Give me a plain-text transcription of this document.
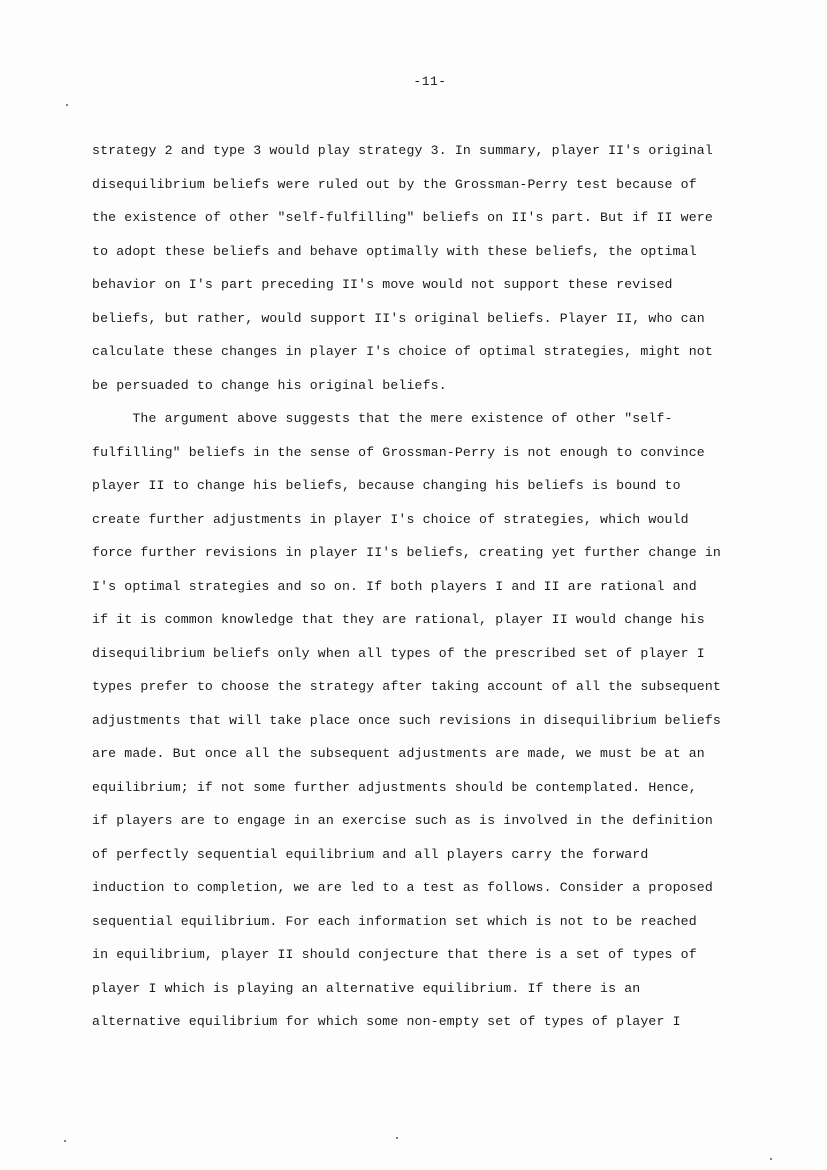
-11-
strategy 2 and type 3 would play strategy 3. In summary, player II's original
disequilibrium beliefs were ruled out by the Grossman-Perry test because of
the existence of other "self-fulfilling" beliefs on II's part. But if II were
to adopt these beliefs and behave optimally with these beliefs, the optimal
behavior on I's part preceding II's move would not support these revised
beliefs, but rather, would support II's original beliefs. Player II, who can
calculate these changes in player I's choice of optimal strategies, might not
be persuaded to change his original beliefs.
The argument above suggests that the mere existence of other "self-
fulfilling" beliefs in the sense of Grossman-Perry is not enough to convince
player II to change his beliefs, because changing his beliefs is bound to
create further adjustments in player I's choice of strategies, which would
force further revisions in player II's beliefs, creating yet further change in
I's optimal strategies and so on. If both players I and II are rational and
if it is common knowledge that they are rational, player II would change his
disequilibrium beliefs only when all types of the prescribed set of player I
types prefer to choose the strategy after taking account of all the subsequent
adjustments that will take place once such revisions in disequilibrium beliefs
are made. But once all the subsequent adjustments are made, we must be at an
equilibrium; if not some further adjustments should be contemplated. Hence,
if players are to engage in an exercise such as is involved in the definition
of perfectly sequential equilibrium and all players carry the forward
induction to completion, we are led to a test as follows. Consider a proposed
sequential equilibrium. For each information set which is not to be reached
in equilibrium, player II should conjecture that there is a set of types of
player I which is playing an alternative equilibrium. If there is an
alternative equilibrium for which some non-empty set of types of player I
